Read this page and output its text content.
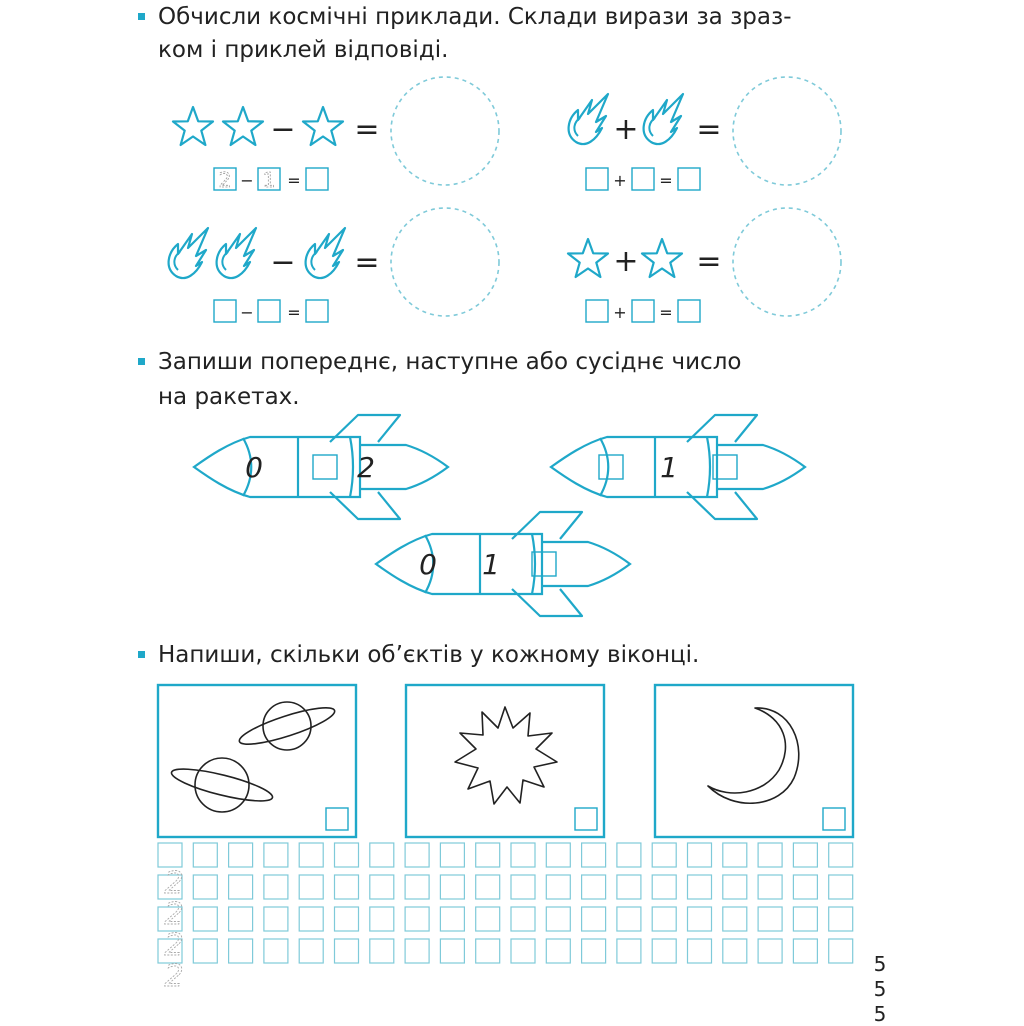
Обчисли космічні приклади. Склади вирази за зраз-
ком і приклей відповіді.
Запиши попереднє, наступне або сусіднє число
на ракетах.
Напиши, скільки об’єктів у кожному віконці.
− =
2 − 1 =
+ =
+ =
− =
− =
+ =
+ =
0	2	1
0 1
2
2
2
2	5
5
5
